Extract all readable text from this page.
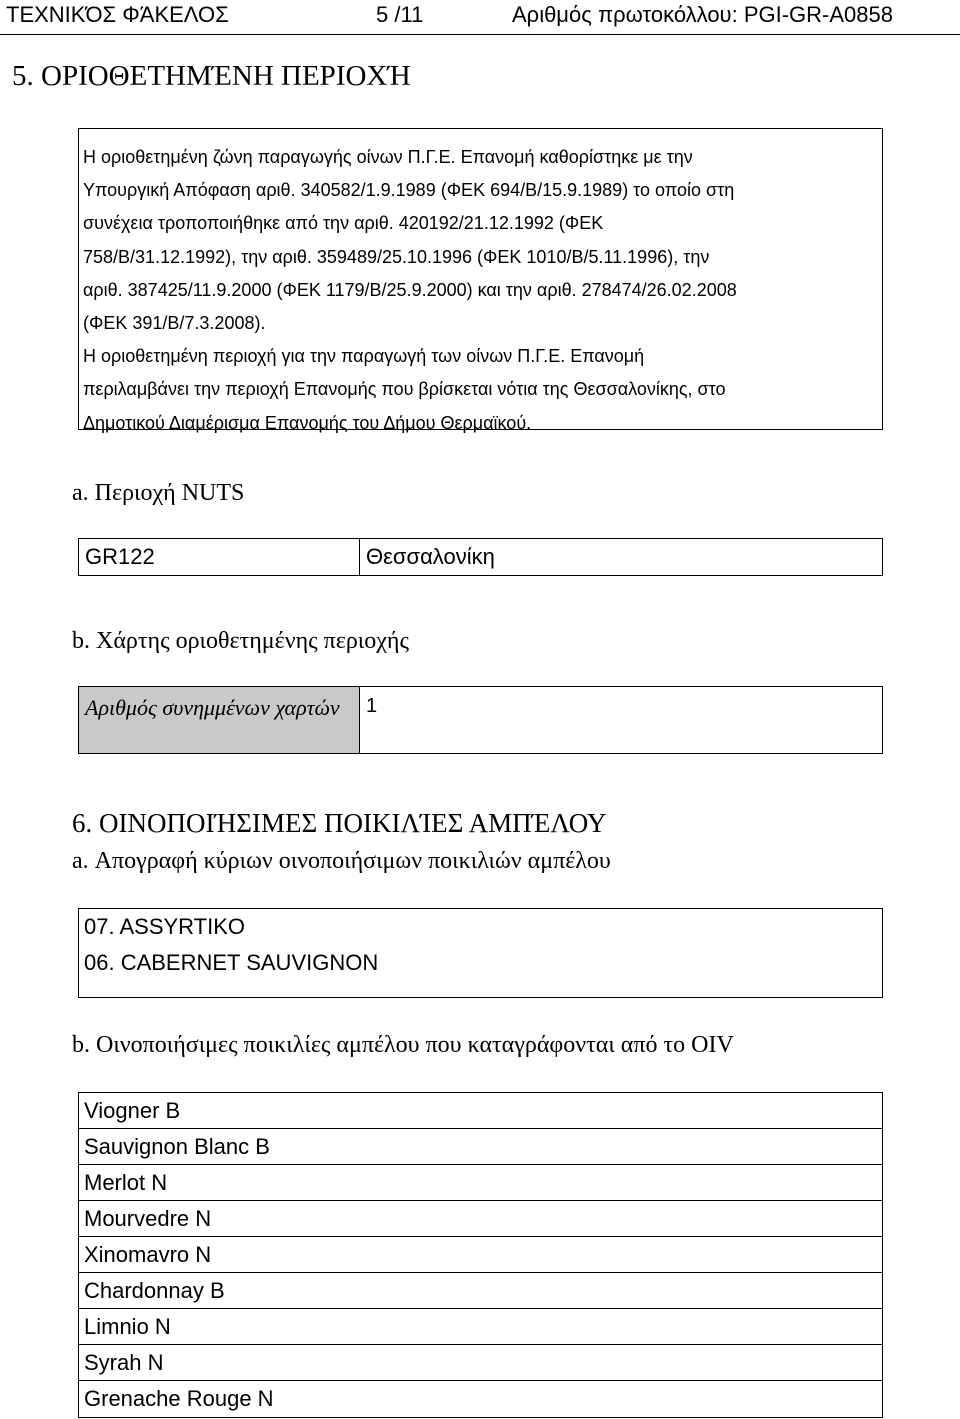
ΤΕΧΝΙΚΌΣ ΦΆΚΕΛΟΣ	5 /11	Αριθμός πρωτοκόλλου: PGI-GR-A0858
5. ΟΡΙΟΘΕΤΗΜΈΝΗ ΠΕΡΙΟΧΉ
Η οριοθετημένη ζώνη παραγωγής οίνων Π.Γ.Ε. Επανομή καθορίστηκε με την
Υπουργική Απόφαση αριθ. 340582/1.9.1989 (ΦΕΚ 694/Β/15.9.1989) το οποίο στη
συνέχεια τροποποιήθηκε από την αριθ. 420192/21.12.1992 (ΦΕΚ
758/Β/31.12.1992), την αριθ. 359489/25.10.1996 (ΦΕΚ 1010/Β/5.11.1996), την
αριθ. 387425/11.9.2000 (ΦΕΚ 1179/Β/25.9.2000) και την αριθ. 278474/26.02.2008
(ΦΕΚ 391/Β/7.3.2008).
Η οριοθετημένη περιοχή για την παραγωγή των οίνων Π.Γ.Ε. Επανομή
περιλαμβάνει την περιοχή Επανομής που βρίσκεται νότια της Θεσσαλονίκης, στο
Δημοτικού Διαμέρισμα Επανομής του Δήμου Θερμαϊκού.
a. Περιοχή NUTS
GR122	Θεσσαλονίκη
b. Χάρτης οριοθετημένης περιοχής
Αριθμός συνημμένων χαρτών	1
6. ΟΙΝΟΠΟΙΉΣΙΜΕΣ ΠΟΙΚΙΛΊΕΣ ΑΜΠΈΛΟΥ
a. Απογραφή κύριων οινοποιήσιμων ποικιλιών αμπέλου
07. ASSYRTIKO
06. CABERNET SAUVIGNON
b. Οινοποιήσιμες ποικιλίες αμπέλου που καταγράφονται από το OIV
Viogner B
Sauvignon Blanc B
Merlot N
Mourvedre N
Xinomavro N
Chardonnay B
Limnio N
Syrah N
Grenache Rouge N
